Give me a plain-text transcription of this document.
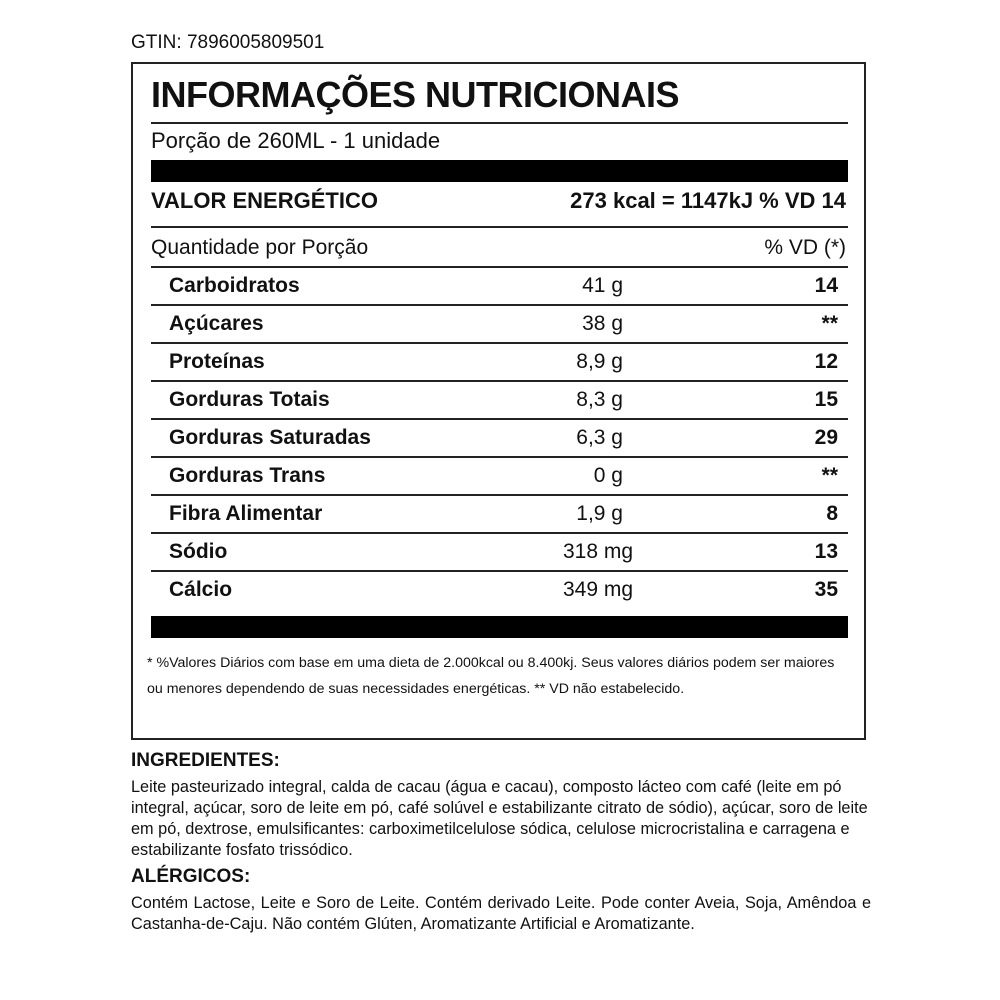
GTIN: 7896005809501
INFORMAÇÕES NUTRICIONAIS
Porção de 260ML - 1 unidade
VALOR ENERGÉTICO	273 kcal = 1147kJ % VD 14
Quantidade por Porção	% VD (*)
Carboidratos	41 g	14
Açúcares	38 g	**
Proteínas	8,9 g	12
Gorduras Totais	8,3 g	15
Gorduras Saturadas	6,3 g	29
Gorduras Trans	0 g	**
Fibra Alimentar	1,9 g	8
Sódio	318 mg	13
Cálcio	349 mg	35
* %Valores Diários com base em uma dieta de 2.000kcal ou 8.400kj. Seus valores diários podem ser maiores ou menores dependendo de suas necessidades energéticas. ** VD não estabelecido.
INGREDIENTES:
Leite pasteurizado integral, calda de cacau (água e cacau), composto lácteo com café (leite em pó integral, açúcar, soro de leite em pó, café solúvel e estabilizante citrato de sódio), açúcar, soro de leite em pó, dextrose, emulsificantes: carboximetilcelulose sódica, celulose microcristalina e carragena e estabilizante fosfato trissódico.
ALÉRGICOS:
Contém Lactose, Leite e Soro de Leite. Contém derivado Leite. Pode conter Aveia, Soja, Amêndoa e Castanha-de-Caju. Não contém Glúten, Aromatizante Artificial e Aromatizante.
